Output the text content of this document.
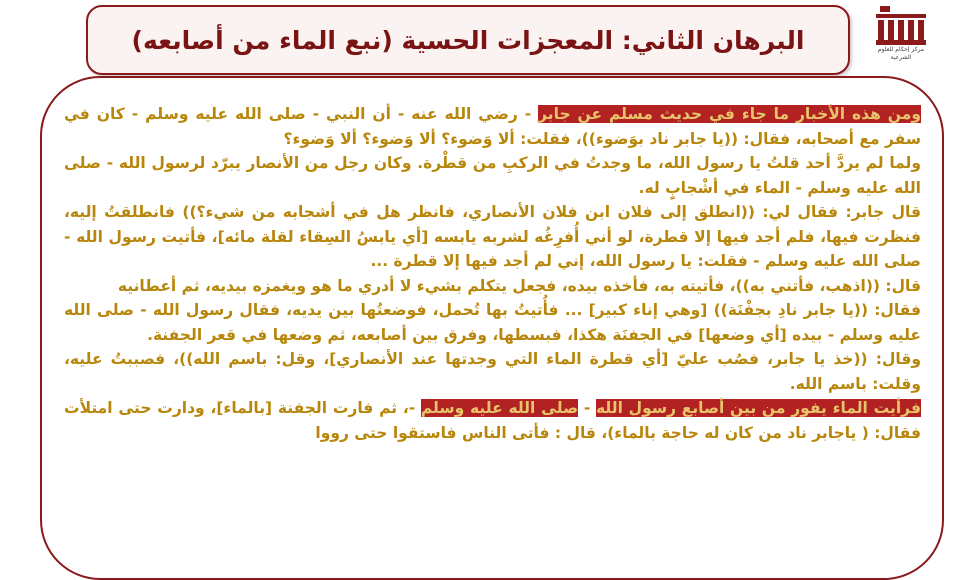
البرهان الثاني: المعجزات الحسية (نبع الماء من أصابعه)	مركز إحكام للعلوم الشرعية

ومن هذه الأخبار ما جاء في حديث مسلم عن جابر - رضي الله عنه - أن النبي - صلى الله عليه وسلم - كان في سفر مع أصحابه، فقال: ((يا جابر ناد بوَضوء))، فقلت: ألا وَضوء؟ ألا وَضوء؟ ألا وَضوء؟

ولما لم يردَّ أحد قلتُ يا رسول الله، ما وجدتُ في الركبِ من قطْرة. وكان رجل من الأنصار يبرّد لرسول الله - صلى الله عليه وسلم - الماء في أشْجابٍ له.

قال جابر: فقال لي: ((انطلق إلى فلان ابن فلان الأنصاري، فانظر هل في أشجابه من شيء؟)) فانطلقتُ إليه، فنظرت فيها، فلم أجد فيها إلا قطرة، لو أني أُفرِغُه لشربه يابسه [أي يابسُ السِقاء لقلة مائه]، فأتيت رسول الله - صلى الله عليه وسلم - فقلت: يا رسول الله، إني لم أجد فيها إلا قطرة ...

قال: ((اذهب، فأتني به))، فأتيته به، فأخذه بيده، فجعل يتكلم بشيء لا أدري ما هو ويغمزه بيديه، ثم أعطانيه

فقال: ((يا جابر نادِ بجفْنَة)) [وهي إناء كبير] ... فأُتيتُ بها تُحمل، فوضعتُها بين يديه، فقال رسول الله - صلى الله عليه وسلم - بيده [أي وضعها] في الجفنَة هكذا، فبسطها، وفرق بين أصابعه، ثم وضعها في قعر الجفنة.

وقال: ((خذ يا جابر، فصُب عليّ [أي قطرة الماء التي وجدتها عند الأنصاري]، وقل: باسم الله))، فصببتُ عليه، وقلت: باسم الله.

فرأيت الماء يفور من بين أصابع رسول الله - صلى الله عليه وسلم -، ثم فارت الجفنة [بالماء]، ودارت حتى امتلأت فقال: ( ياجابر ناد من كان له حاجة بالماء)، قال : فأتى الناس فاستقوا حتى رووا
